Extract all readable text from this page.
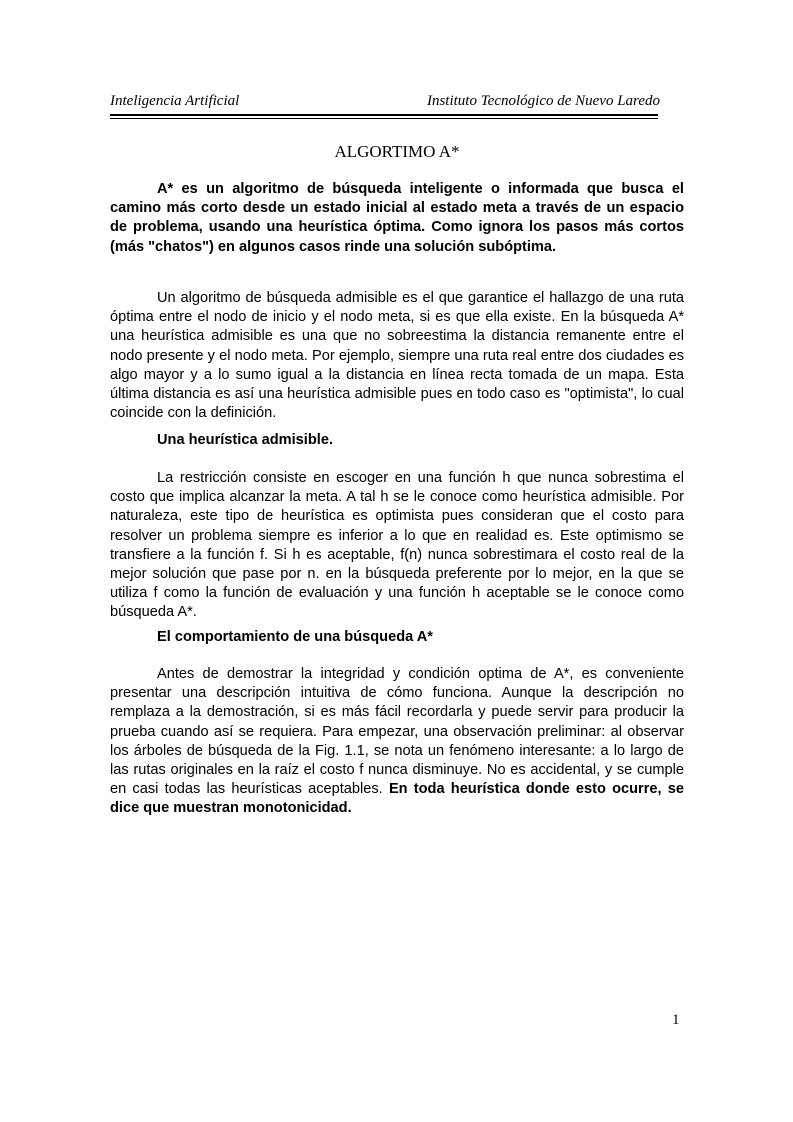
Inteligencia Artificial	Instituto Tecnológico de Nuevo Laredo
ALGORTIMO A*

A* es un algoritmo de búsqueda inteligente o informada que busca el camino más corto desde un estado inicial al estado meta a través de un espacio de problema, usando una heurística óptima. Como ignora los pasos más cortos (más "chatos") en algunos casos rinde una solución subóptima.

Un algoritmo de búsqueda admisible es el que garantice el hallazgo de una ruta óptima entre el nodo de inicio y el nodo meta, si es que ella existe. En la búsqueda A* una heurística admisible es una que no sobreestima la distancia remanente entre el nodo presente y el nodo meta. Por ejemplo, siempre una ruta real entre dos ciudades es algo mayor y a lo sumo igual a la distancia en línea recta tomada de un mapa. Esta última distancia es así una heurística admisible pues en todo caso es "optimista", lo cual coincide con la definición.

Una heurística admisible.

La restricción consiste en escoger en una función h que nunca sobrestima el costo que implica alcanzar la meta. A tal h se le conoce como heurística admisible. Por naturaleza, este tipo de heurística es optimista pues consideran que el costo para resolver un problema siempre es inferior a lo que en realidad es. Este optimismo se transfiere a la función f. Si h es aceptable, f(n) nunca sobrestimara el costo real de la mejor solución que pase por n. en la búsqueda preferente por lo mejor, en la que se utiliza f como la función de evaluación y una función h aceptable se le conoce como búsqueda A*.

El comportamiento de una búsqueda A*

Antes de demostrar la integridad y condición optima de A*, es conveniente presentar una descripción intuitiva de cómo funciona. Aunque la descripción no remplaza a la demostración, si es más fácil recordarla y puede servir para producir la prueba cuando así se requiera. Para empezar, una observación preliminar: al observar los árboles de búsqueda de la Fig. 1.1, se nota un fenómeno interesante: a lo largo de las rutas originales en la raíz el costo f nunca disminuye. No es accidental, y se cumple en casi todas las heurísticas aceptables. En toda heurística donde esto ocurre, se dice que muestran monotonicidad.

1
